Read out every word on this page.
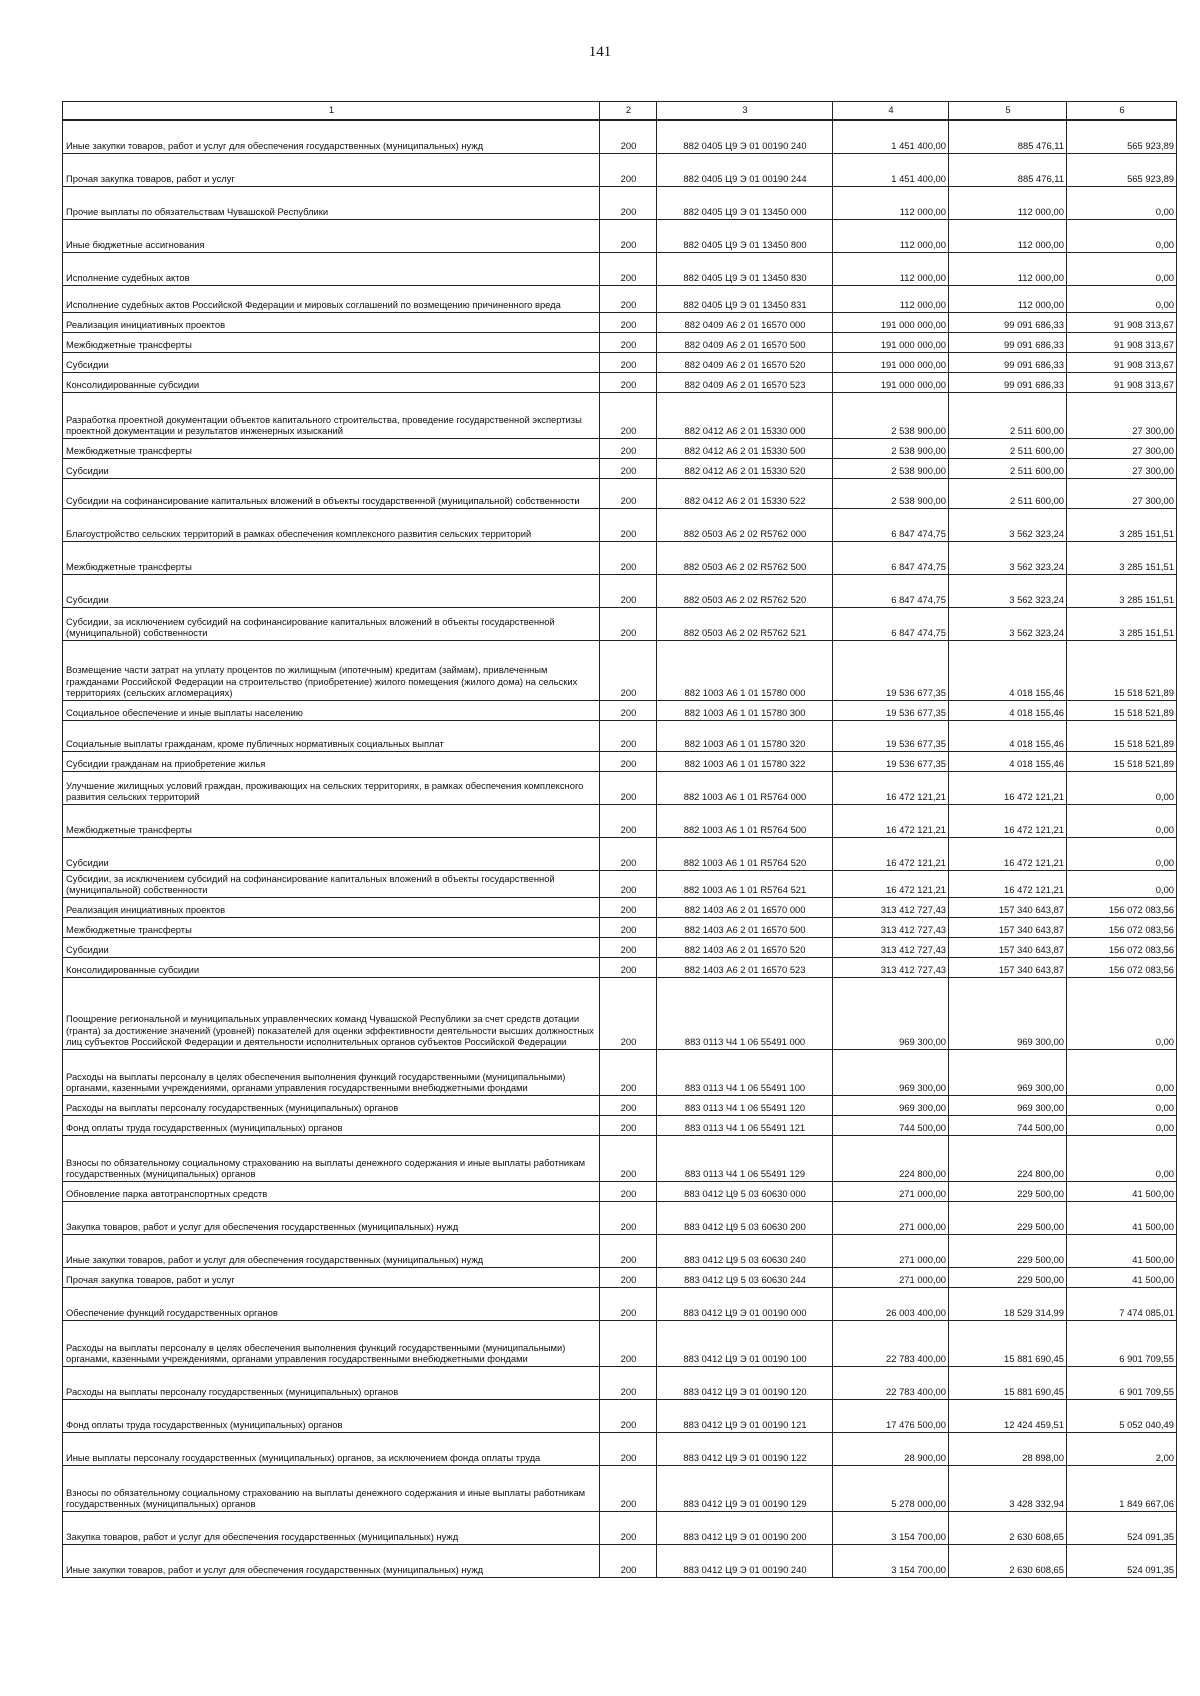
141
1	2	3	4	5	6
Иные закупки товаров, работ и услуг для обеспечения государственных (муниципальных) нужд	200	882 0405 Ц9 Э 01 00190 240	1 451 400,00	885 476,11	565 923,89
Прочая закупка товаров, работ и услуг	200	882 0405 Ц9 Э 01 00190 244	1 451 400,00	885 476,11	565 923,89
Прочие выплаты по обязательствам Чувашской Республики	200	882 0405 Ц9 Э 01 13450 000	112 000,00	112 000,00	0,00
Иные бюджетные ассигнования	200	882 0405 Ц9 Э 01 13450 800	112 000,00	112 000,00	0,00
Исполнение судебных актов	200	882 0405 Ц9 Э 01 13450 830	112 000,00	112 000,00	0,00
Исполнение судебных актов Российской Федерации и мировых соглашений по возмещению причиненного вреда	200	882 0405 Ц9 Э 01 13450 831	112 000,00	112 000,00	0,00
Реализация инициативных проектов	200	882 0409 А6 2 01 16570 000	191 000 000,00	99 091 686,33	91 908 313,67
Межбюджетные трансферты	200	882 0409 А6 2 01 16570 500	191 000 000,00	99 091 686,33	91 908 313,67
Субсидии	200	882 0409 А6 2 01 16570 520	191 000 000,00	99 091 686,33	91 908 313,67
Консолидированные субсидии	200	882 0409 А6 2 01 16570 523	191 000 000,00	99 091 686,33	91 908 313,67
Разработка проектной документации объектов капитального строительства, проведение государственной экспертизы проектной документации и результатов инженерных изысканий	200	882 0412 А6 2 01 15330 000	2 538 900,00	2 511 600,00	27 300,00
Межбюджетные трансферты	200	882 0412 А6 2 01 15330 500	2 538 900,00	2 511 600,00	27 300,00
Субсидии	200	882 0412 А6 2 01 15330 520	2 538 900,00	2 511 600,00	27 300,00
Субсидии на софинансирование капитальных вложений в объекты государственной (муниципальной) собственности	200	882 0412 А6 2 01 15330 522	2 538 900,00	2 511 600,00	27 300,00
Благоустройство сельских территорий в рамках обеспечения комплексного развития сельских территорий	200	882 0503 А6 2 02 R5762 000	6 847 474,75	3 562 323,24	3 285 151,51
Межбюджетные трансферты	200	882 0503 А6 2 02 R5762 500	6 847 474,75	3 562 323,24	3 285 151,51
Субсидии	200	882 0503 А6 2 02 R5762 520	6 847 474,75	3 562 323,24	3 285 151,51
Субсидии, за исключением субсидий на софинансирование капитальных вложений в объекты государственной (муниципальной) собственности	200	882 0503 А6 2 02 R5762 521	6 847 474,75	3 562 323,24	3 285 151,51
Возмещение части затрат на уплату процентов по жилищным (ипотечным) кредитам (займам), привлеченным гражданами Российской Федерации на строительство (приобретение) жилого помещения (жилого дома) на сельских территориях (сельских агломерациях)	200	882 1003 А6 1 01 15780 000	19 536 677,35	4 018 155,46	15 518 521,89
Социальное обеспечение и иные выплаты населению	200	882 1003 А6 1 01 15780 300	19 536 677,35	4 018 155,46	15 518 521,89
Социальные выплаты гражданам, кроме публичных нормативных социальных выплат	200	882 1003 А6 1 01 15780 320	19 536 677,35	4 018 155,46	15 518 521,89
Субсидии гражданам на приобретение жилья	200	882 1003 А6 1 01 15780 322	19 536 677,35	4 018 155,46	15 518 521,89
Улучшение жилищных условий граждан, проживающих на сельских территориях, в рамках обеспечения комплексного развития сельских территорий	200	882 1003 А6 1 01 R5764 000	16 472 121,21	16 472 121,21	0,00
Межбюджетные трансферты	200	882 1003 А6 1 01 R5764 500	16 472 121,21	16 472 121,21	0,00
Субсидии	200	882 1003 А6 1 01 R5764 520	16 472 121,21	16 472 121,21	0,00
Субсидии, за исключением субсидий на софинансирование капитальных вложений в объекты государственной (муниципальной) собственности	200	882 1003 А6 1 01 R5764 521	16 472 121,21	16 472 121,21	0,00
Реализация инициативных проектов	200	882 1403 А6 2 01 16570 000	313 412 727,43	157 340 643,87	156 072 083,56
Межбюджетные трансферты	200	882 1403 А6 2 01 16570 500	313 412 727,43	157 340 643,87	156 072 083,56
Субсидии	200	882 1403 А6 2 01 16570 520	313 412 727,43	157 340 643,87	156 072 083,56
Консолидированные субсидии	200	882 1403 А6 2 01 16570 523	313 412 727,43	157 340 643,87	156 072 083,56
Поощрение региональной и муниципальных управленческих команд Чувашской Республики за счет средств дотации (гранта) за достижение значений (уровней) показателей для оценки эффективности деятельности высших должностных лиц субъектов Российской Федерации и деятельности исполнительных органов субъектов Российской Федерации	200	883 0113 Ч4 1 06 55491 000	969 300,00	969 300,00	0,00
Расходы на выплаты персоналу в целях обеспечения выполнения функций государственными (муниципальными) органами, казенными учреждениями, органами управления государственными внебюджетными фондами	200	883 0113 Ч4 1 06 55491 100	969 300,00	969 300,00	0,00
Расходы на выплаты персоналу государственных (муниципальных) органов	200	883 0113 Ч4 1 06 55491 120	969 300,00	969 300,00	0,00
Фонд оплаты труда государственных (муниципальных) органов	200	883 0113 Ч4 1 06 55491 121	744 500,00	744 500,00	0,00
Взносы по обязательному социальному страхованию на выплаты денежного содержания и иные выплаты работникам государственных (муниципальных) органов	200	883 0113 Ч4 1 06 55491 129	224 800,00	224 800,00	0,00
Обновление парка автотранспортных средств	200	883 0412 Ц9 5 03 60630 000	271 000,00	229 500,00	41 500,00
Закупка товаров, работ и услуг для обеспечения государственных (муниципальных) нужд	200	883 0412 Ц9 5 03 60630 200	271 000,00	229 500,00	41 500,00
Иные закупки товаров, работ и услуг для обеспечения государственных (муниципальных) нужд	200	883 0412 Ц9 5 03 60630 240	271 000,00	229 500,00	41 500,00
Прочая закупка товаров, работ и услуг	200	883 0412 Ц9 5 03 60630 244	271 000,00	229 500,00	41 500,00
Обеспечение функций государственных органов	200	883 0412 Ц9 Э 01 00190 000	26 003 400,00	18 529 314,99	7 474 085,01
Расходы на выплаты персоналу в целях обеспечения выполнения функций государственными (муниципальными) органами, казенными учреждениями, органами управления государственными внебюджетными фондами	200	883 0412 Ц9 Э 01 00190 100	22 783 400,00	15 881 690,45	6 901 709,55
Расходы на выплаты персоналу государственных (муниципальных) органов	200	883 0412 Ц9 Э 01 00190 120	22 783 400,00	15 881 690,45	6 901 709,55
Фонд оплаты труда государственных (муниципальных) органов	200	883 0412 Ц9 Э 01 00190 121	17 476 500,00	12 424 459,51	5 052 040,49
Иные выплаты персоналу государственных (муниципальных) органов, за исключением фонда оплаты труда	200	883 0412 Ц9 Э 01 00190 122	28 900,00	28 898,00	2,00
Взносы по обязательному социальному страхованию на выплаты денежного содержания и иные выплаты работникам государственных (муниципальных) органов	200	883 0412 Ц9 Э 01 00190 129	5 278 000,00	3 428 332,94	1 849 667,06
Закупка товаров, работ и услуг для обеспечения государственных (муниципальных) нужд	200	883 0412 Ц9 Э 01 00190 200	3 154 700,00	2 630 608,65	524 091,35
Иные закупки товаров, работ и услуг для обеспечения государственных (муниципальных) нужд	200	883 0412 Ц9 Э 01 00190 240	3 154 700,00	2 630 608,65	524 091,35
